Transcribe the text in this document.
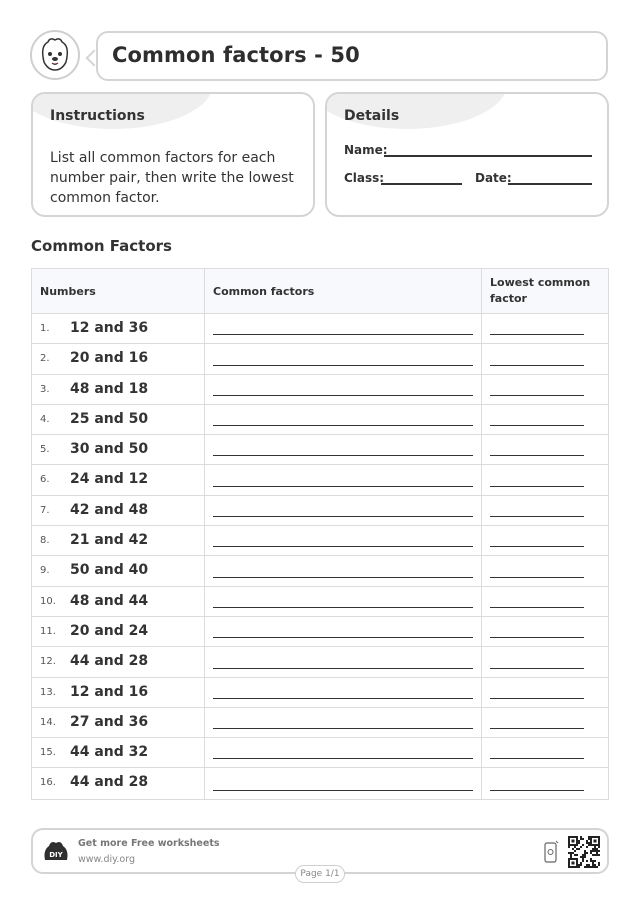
Common factors - 50
Instructions
List all common factors for each number pair, then write the lowest common factor.
Details
Name:
Class:	Date:
Common Factors
Numbers	Common factors
Lowest common factor
1. 12 and 36
2. 20 and 16
3. 48 and 18
4. 25 and 50
5. 30 and 50
6. 24 and 12
7. 42 and 48
8. 21 and 42
9. 50 and 40
10. 48 and 44
11. 20 and 24
12. 44 and 28
13. 12 and 16
14. 27 and 36
15. 44 and 32
16. 44 and 28
DIY
Get more Free worksheets
www.diy.org
Page 1/1
